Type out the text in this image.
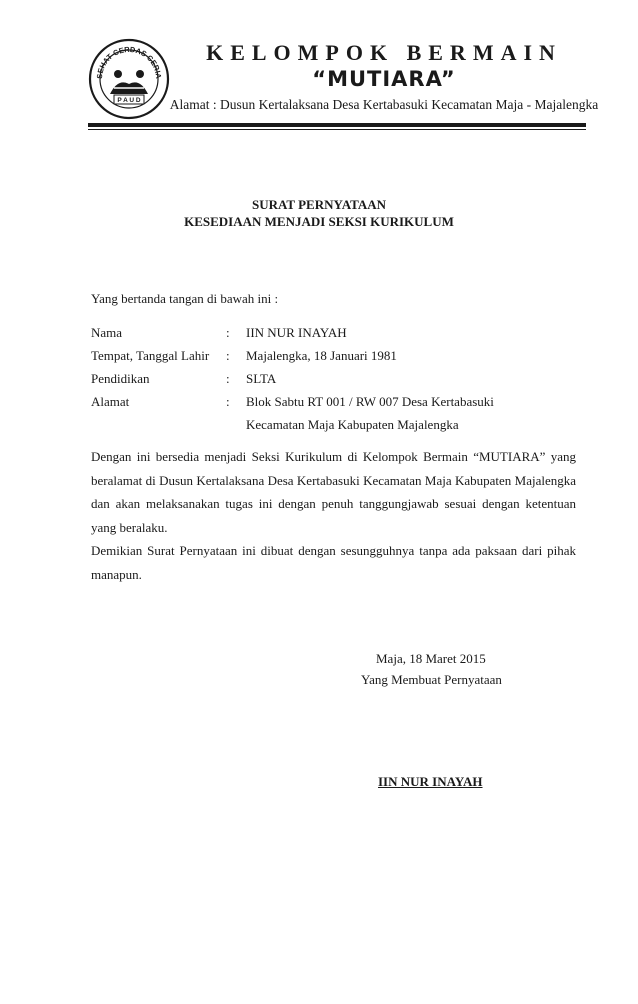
SEHAT CERDAS CERIA
P A U D
KELOMPOK BERMAIN
“MUTIARA”
Alamat : Dusun Kertalaksana Desa Kertabasuki Kecamatan Maja - Majalengka
SURAT PERNYATAAN
KESEDIAAN MENJADI SEKSI KURIKULUM
Yang bertanda tangan di bawah ini :
Nama	: IIN NUR INAYAH
Tempat, Tanggal Lahir	: Majalengka, 18 Januari 1981
Pendidikan	: SLTA
Alamat	: Blok Sabtu RT 001 / RW 007 Desa Kertabasuki
Kecamatan Maja Kabupaten Majalengka

Dengan ini bersedia menjadi Seksi Kurikulum di Kelompok Bermain “MUTIARA” yang beralamat di Dusun Kertalaksana Desa Kertabasuki Kecamatan Maja Kabupaten Majalengka dan akan melaksanakan tugas ini dengan penuh tanggungjawab sesuai dengan ketentuan yang beralaku.

Demikian Surat Pernyataan ini dibuat dengan sesungguhnya tanpa ada paksaan dari pihak manapun.

Maja, 18 Maret 2015
Yang Membuat Pernyataan
IIN NUR INAYAH
